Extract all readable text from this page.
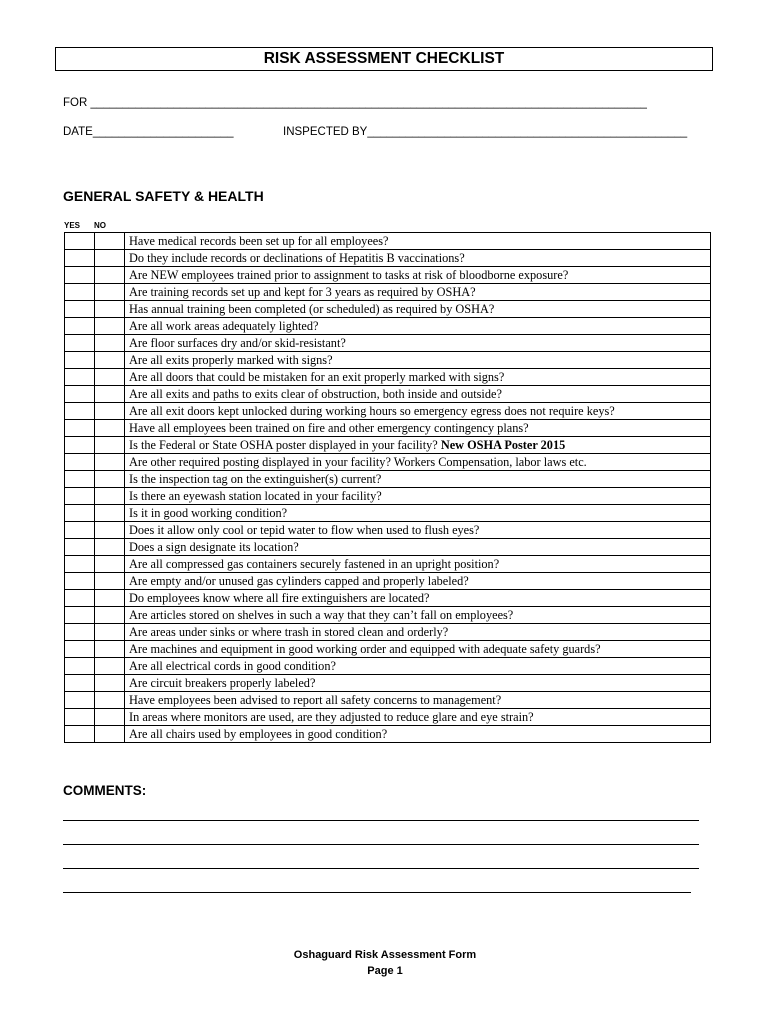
RISK ASSESSMENT CHECKLIST
FOR _______________________________________________________________________________________
DATE______________________	INSPECTED BY__________________________________________________
GENERAL SAFETY & HEALTH
YES NO
		Have medical records been set up for all employees?
		Do they include records or declinations of Hepatitis B vaccinations?
		Are NEW employees trained prior to assignment to tasks at risk of bloodborne exposure?
		Are training records set up and kept for 3 years as required by OSHA?
		Has annual training been completed (or scheduled) as required by OSHA?
		Are all work areas adequately lighted?
		Are floor surfaces dry and/or skid-resistant?
		Are all exits properly marked with signs?
		Are all doors that could be mistaken for an exit properly marked with signs?
		Are all exits and paths to exits clear of obstruction, both inside and outside?
		Are all exit doors kept unlocked during working hours so emergency egress does not require keys?
		Have all employees been trained on fire and other emergency contingency plans?
		Is the Federal or State OSHA poster displayed in your facility? New OSHA Poster 2015
		Are other required posting displayed in your facility? Workers Compensation, labor laws etc.
		Is the inspection tag on the extinguisher(s) current?
		Is there an eyewash station located in your facility?
		Is it in good working condition?
		Does it allow only cool or tepid water to flow when used to flush eyes?
		Does a sign designate its location?
		Are all compressed gas containers securely fastened in an upright position?
		Are empty and/or unused gas cylinders capped and properly labeled?
		Do employees know where all fire extinguishers are located?
		Are articles stored on shelves in such a way that they can’t fall on employees?
		Are areas under sinks or where trash in stored clean and orderly?
		Are machines and equipment in good working order and equipped with adequate safety guards?
		Are all electrical cords in good condition?
		Are circuit breakers properly labeled?
		Have employees been advised to report all safety concerns to management?
		In areas where monitors are used, are they adjusted to reduce glare and eye strain?
		Are all chairs used by employees in good condition?
COMMENTS:
Oshaguard Risk Assessment Form
Page 1
